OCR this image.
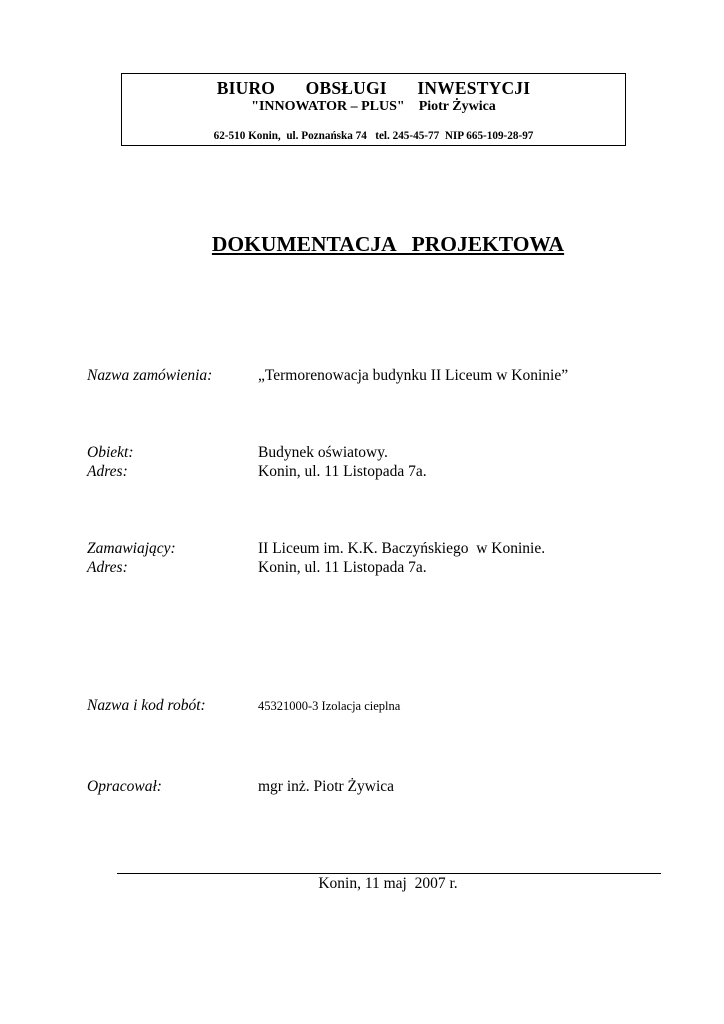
BIURO OBSŁUGI INWESTYCJI
"INNOWATOR – PLUS" Piotr Żywica
62-510 Konin,  ul. Poznańska 74   tel. 245-45-77  NIP 665-109-28-97
DOKUMENTACJA   PROJEKTOWA
Nazwa zamówienia:	„Termorenowacja budynku II Liceum w Koninie”
Obiekt:	Budynek oświatowy.
Adres:	Konin, ul. 11 Listopada 7a.
Zamawiający:	II Liceum im. K.K. Baczyńskiego  w Koninie.
Adres:	Konin, ul. 11 Listopada 7a.
Nazwa i kod robót:	45321000-3 Izolacja cieplna
Opracował:	mgr inż. Piotr Żywica
Konin, 11 maj  2007 r.
